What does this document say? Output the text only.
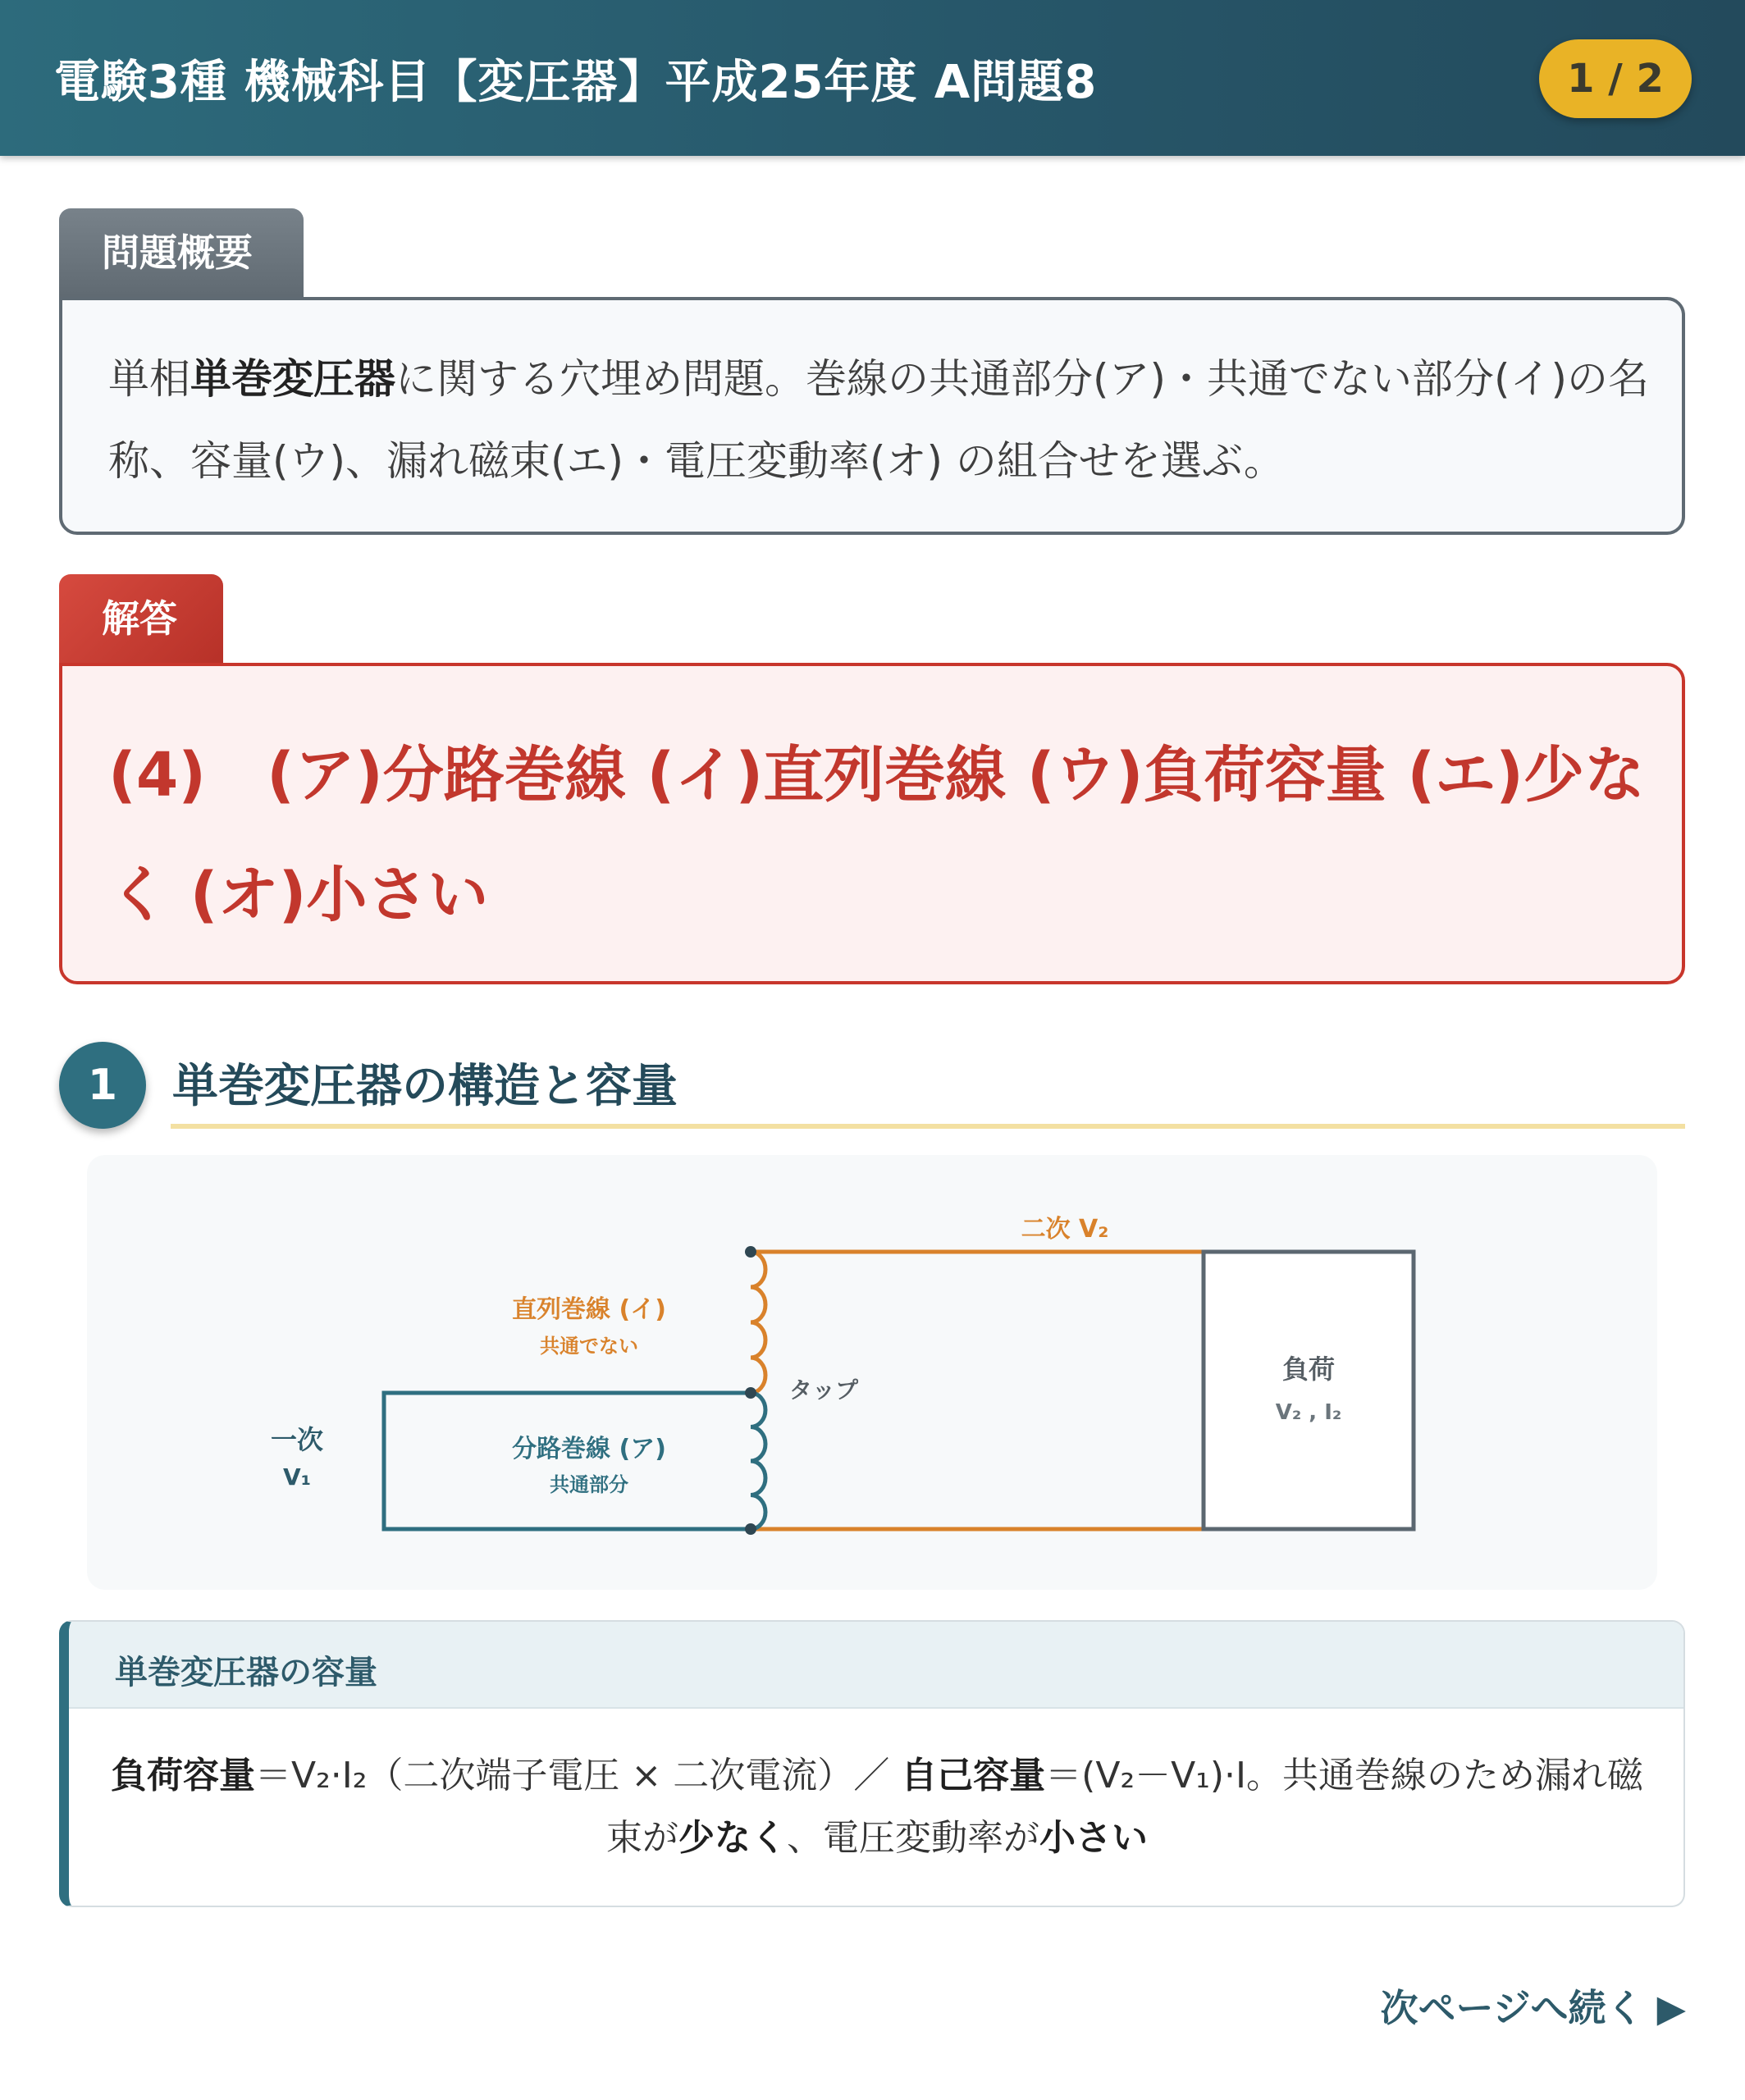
電験3種 機械科目【変圧器】平成25年度 A問題8	1 / 2
問題概要
単相単巻変圧器に関する穴埋め問題。巻線の共通部分(ア)・共通でない部分(イ)の名称、容量(ウ)、漏れ磁束(エ)・電圧変動率(オ) の組合せを選ぶ。
解答
(4)　(ア)分路巻線 (イ)直列巻線 (ウ)負荷容量 (エ)少なく (オ)小さい
1	単巻変圧器の構造と容量
二次 V₂
直列巻線 (イ)
共通でない
タップ
分路巻線 (ア)
共通部分
一次
V₁
負荷
V₂ , I₂
単巻変圧器の容量
負荷容量＝V₂·I₂（二次端子電圧 × 二次電流）／ 自己容量＝(V₂－V₁)·I。共通巻線のため漏れ磁束が少なく、電圧変動率が小さい
次ページへ続く ▶
